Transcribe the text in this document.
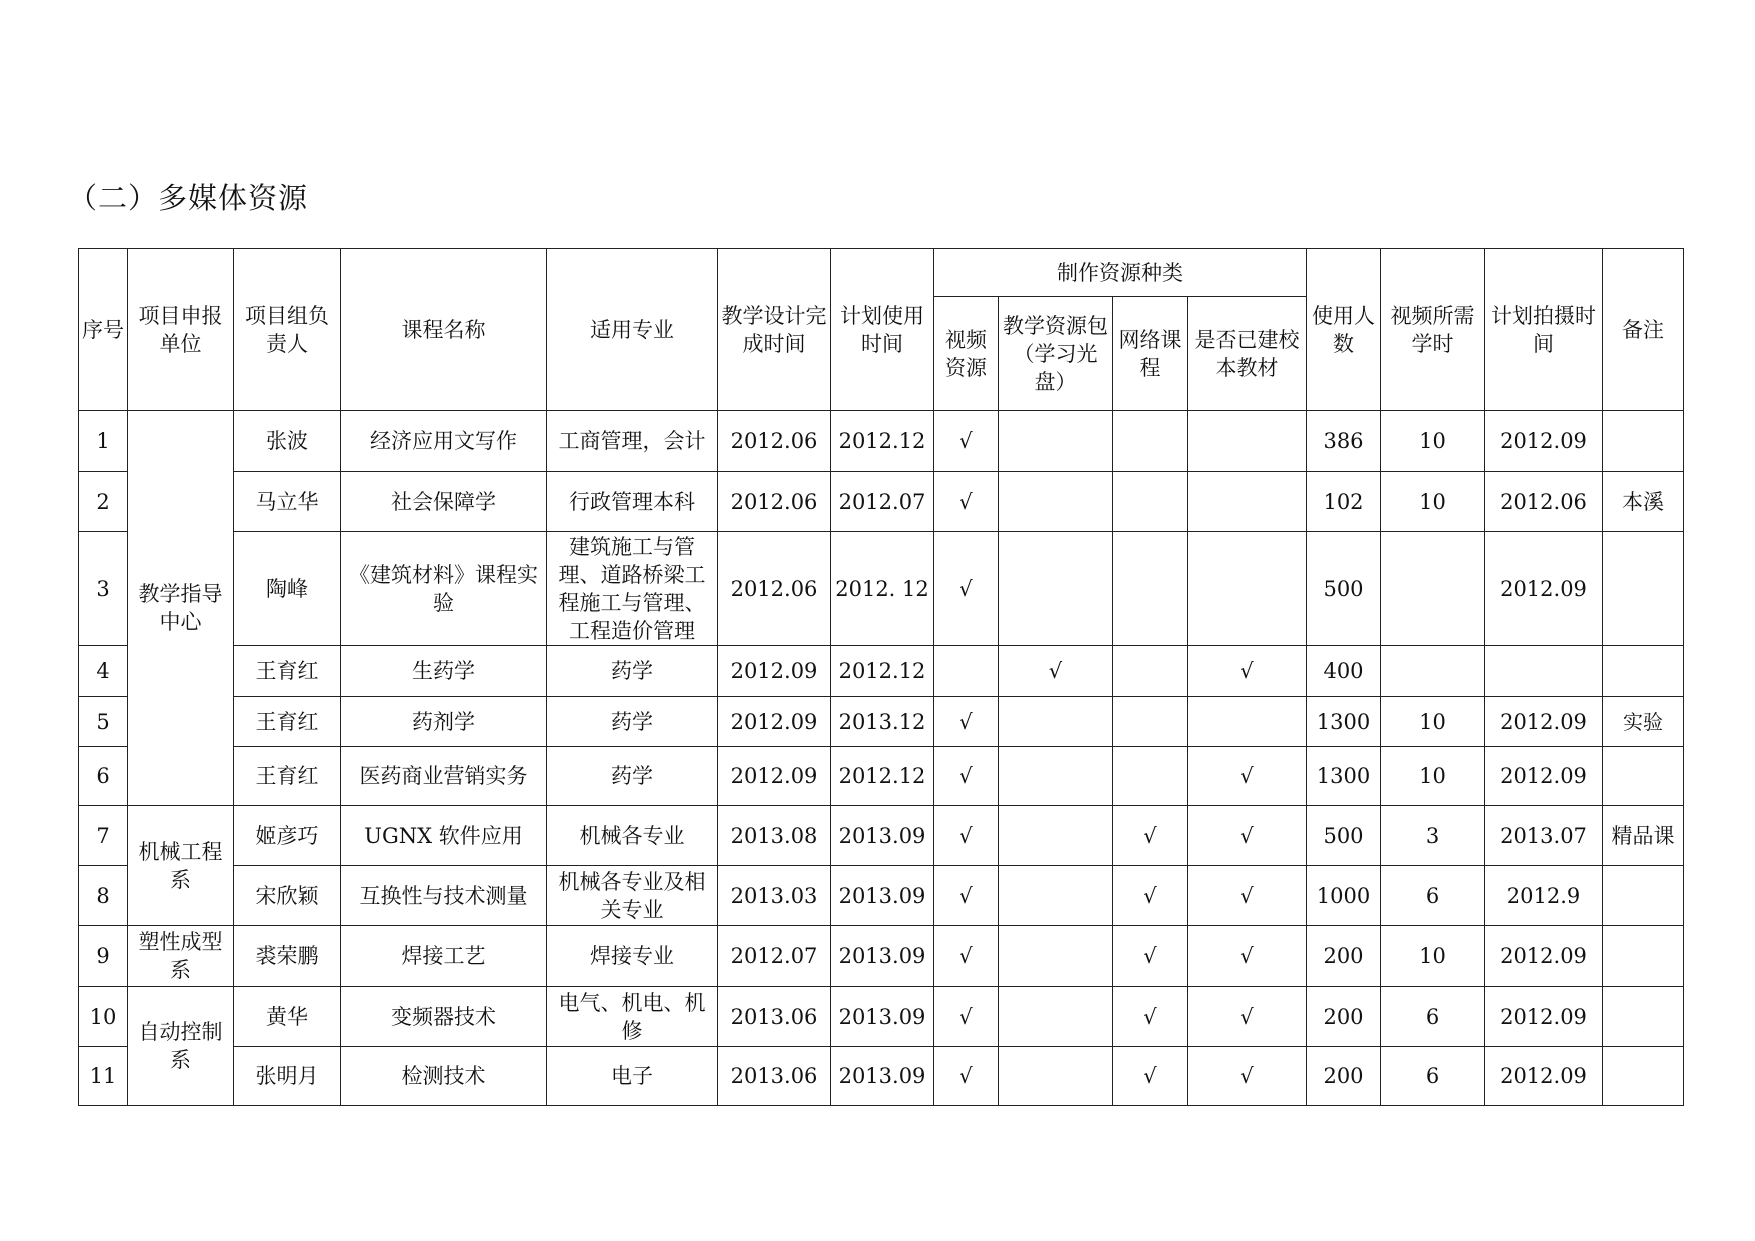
（二）多媒体资源
序号	项目申报单位	项目组负责人	课程名称	适用专业	教学设计完成时间	计划使用时间	制作资源种类				使用人数	视频所需学时	计划拍摄时间	备注
							视频资源	教学资源包（学习光盘）	网络课程	是否已建校本教材				
1	教学指导中心	张波	经济应用文写作	工商管理，会计	2012.06	2012.12	√				386	10	2012.09	
2		马立华	社会保障学	行政管理本科	2012.06	2012.07	√				102	10	2012.06	本溪
3		陶峰	《建筑材料》课程实验	建筑施工与管理、道路桥梁工程施工与管理、工程造价管理	2012.06	2012. 12	√				500		2012.09	
4		王育红	生药学	药学	2012.09	2012.12		√		√	400			
5		王育红	药剂学	药学	2012.09	2013.12	√				1300	10	2012.09	实验
6		王育红	医药商业营销实务	药学	2012.09	2012.12	√			√	1300	10	2012.09	
7	机械工程系	姬彦巧	UGNX 软件应用	机械各专业	2013.08	2013.09	√		√	√	500	3	2013.07	精品课
8		宋欣颖	互换性与技术测量	机械各专业及相关专业	2013.03	2013.09	√		√	√	1000	6	2012.9	
9	塑性成型系	裘荣鹏	焊接工艺	焊接专业	2012.07	2013.09	√		√	√	200	10	2012.09	
10	自动控制系	黄华	变频器技术	电气、机电、机修	2013.06	2013.09	√		√	√	200	6	2012.09	
11		张明月	检测技术	电子	2013.06	2013.09	√		√	√	200	6	2012.09	
